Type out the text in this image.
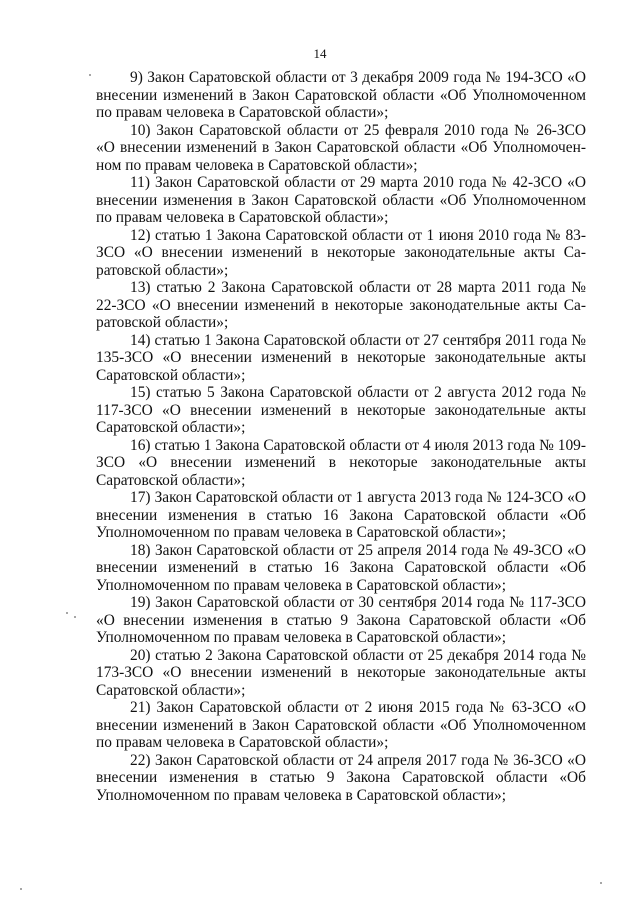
14

9) Закон Саратовской области от 3 декабря 2009 года № 194-ЗСО «О внесении изменений в Закон Саратовской области «Об Уполномоченном по правам человека в Саратовской области»;

10) Закон Саратовской области от 25 февраля 2010 года № 26-ЗСО «О внесении изменений в Закон Саратовской области «Об Уполномоченном по правам человека в Саратовской области»;

11) Закон Саратовской области от 29 марта 2010 года № 42-ЗСО «О внесении изменения в Закон Саратовской области «Об Уполномоченном по правам человека в Саратовской области»;

12) статью 1 Закона Саратовской области от 1 июня 2010 года № 83-ЗСО «О внесении изменений в некоторые законодательные акты Саратовской области»;

13) статью 2 Закона Саратовской области от 28 марта 2011 года № 22-ЗСО «О внесении изменений в некоторые законодательные акты Саратовской области»;

14) статью 1 Закона Саратовской области от 27 сентября 2011 года № 135-ЗСО «О внесении изменений в некоторые законодательные акты Саратовской области»;

15) статью 5 Закона Саратовской области от 2 августа 2012 года № 117-ЗСО «О внесении изменений в некоторые законодательные акты Саратовской области»;

16) статью 1 Закона Саратовской области от 4 июля 2013 года № 109-ЗСО «О внесении изменений в некоторые законодательные акты Саратовской области»;

17) Закон Саратовской области от 1 августа 2013 года № 124-ЗСО «О внесении изменения в статью 16 Закона Саратовской области «Об Уполномоченном по правам человека в Саратовской области»;

18) Закон Саратовской области от 25 апреля 2014 года № 49-ЗСО «О внесении изменений в статью 16 Закона Саратовской области «Об Уполномоченном по правам человека в Саратовской области»;

19) Закон Саратовской области от 30 сентября 2014 года № 117-ЗСО «О внесении изменения в статью 9 Закона Саратовской области «Об Уполномоченном по правам человека в Саратовской области»;

20) статью 2 Закона Саратовской области от 25 декабря 2014 года № 173-ЗСО «О внесении изменений в некоторые законодательные акты Саратовской области»;

21) Закон Саратовской области от 2 июня 2015 года № 63-ЗСО «О внесении изменений в Закон Саратовской области «Об Уполномоченном по правам человека в Саратовской области»;

22) Закон Саратовской области от 24 апреля 2017 года № 36-ЗСО «О внесении изменения в статью 9 Закона Саратовской области «Об Уполномоченном по правам человека в Саратовской области»;
